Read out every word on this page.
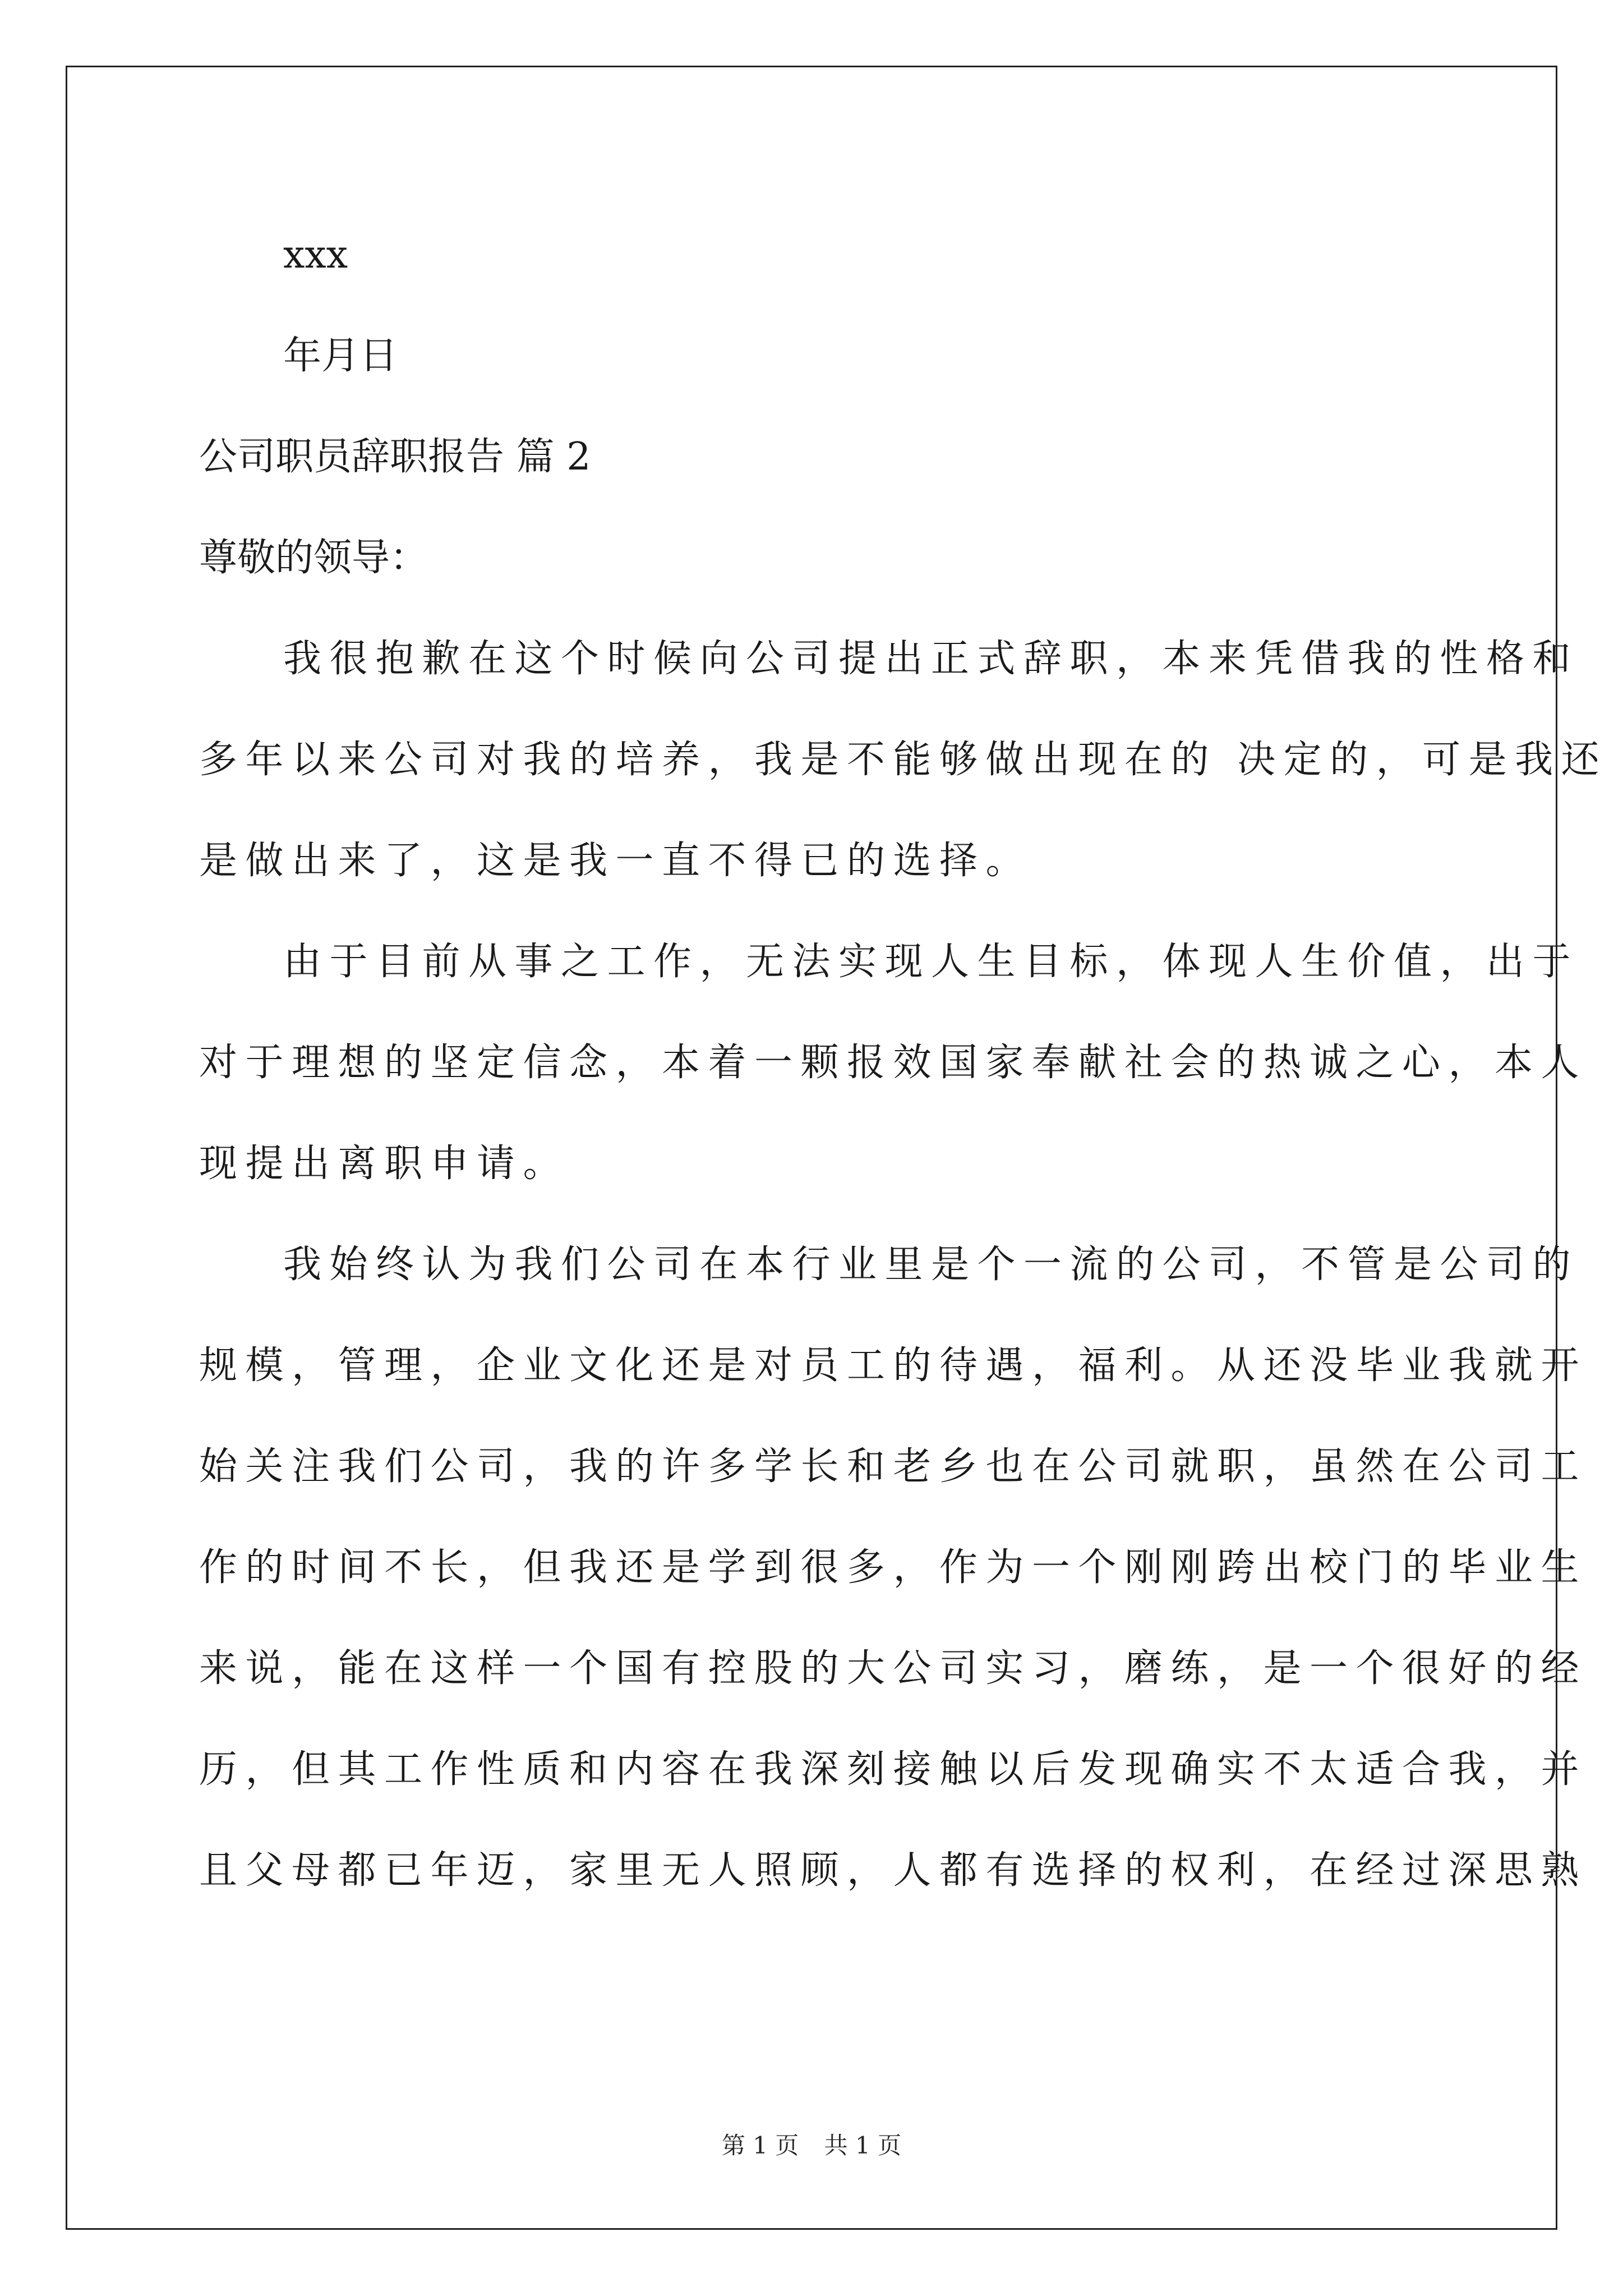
xxx
年月日
公司职员辞职报告 篇 2
尊敬的领导：
我很抱歉在这个时候向公司提出正式辞职，本来凭借我的性格和
多年以来公司对我的培养，我是不能够做出现在的 决定的，可是我还
是做出来了，这是我一直不得已的选择。
由于目前从事之工作，无法实现人生目标，体现人生价值，出于
对于理想的坚定信念，本着一颗报效国家奉献社会的热诚之心，本人
现提出离职申请。
我始终认为我们公司在本行业里是个一流的公司，不管是公司的
规模，管理，企业文化还是对员工的待遇，福利。从还没毕业我就开
始关注我们公司，我的许多学长和老乡也在公司就职，虽然在公司工
作的时间不长，但我还是学到很多，作为一个刚刚跨出校门的毕业生
来说，能在这样一个国有控股的大公司实习，磨练，是一个很好的经
历，但其工作性质和内容在我深刻接触以后发现确实不太适合我，并
且父母都已年迈，家里无人照顾，人都有选择的权利，在经过深思熟
第 1 页 共 1 页
